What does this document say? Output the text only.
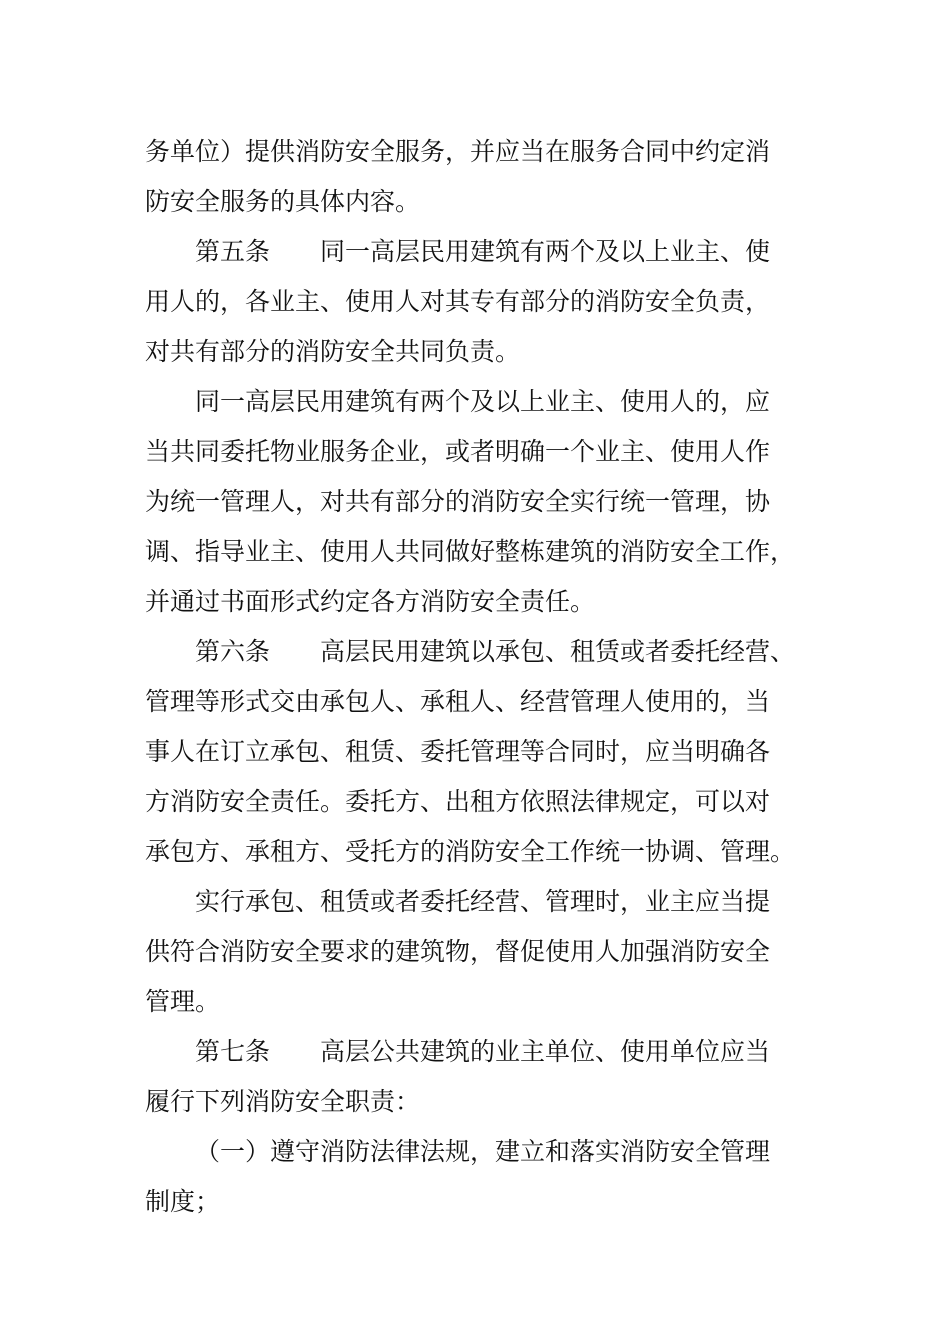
务单位）提供消防安全服务，并应当在服务合同中约定消

防安全服务的具体内容。

第五条 同一高层民用建筑有两个及以上业主、使

用人的，各业主、使用人对其专有部分的消防安全负责，

对共有部分的消防安全共同负责。

同一高层民用建筑有两个及以上业主、使用人的，应

当共同委托物业服务企业，或者明确一个业主、使用人作

为统一管理人，对共有部分的消防安全实行统一管理，协

调、指导业主、使用人共同做好整栋建筑的消防安全工作，

并通过书面形式约定各方消防安全责任。

第六条 高层民用建筑以承包、租赁或者委托经营、

管理等形式交由承包人、承租人、经营管理人使用的，当

事人在订立承包、租赁、委托管理等合同时，应当明确各

方消防安全责任。委托方、出租方依照法律规定，可以对

承包方、承租方、受托方的消防安全工作统一协调、管理。

实行承包、租赁或者委托经营、管理时，业主应当提

供符合消防安全要求的建筑物，督促使用人加强消防安全

管理。

第七条 高层公共建筑的业主单位、使用单位应当

履行下列消防安全职责：

（一）遵守消防法律法规，建立和落实消防安全管理

制度；
